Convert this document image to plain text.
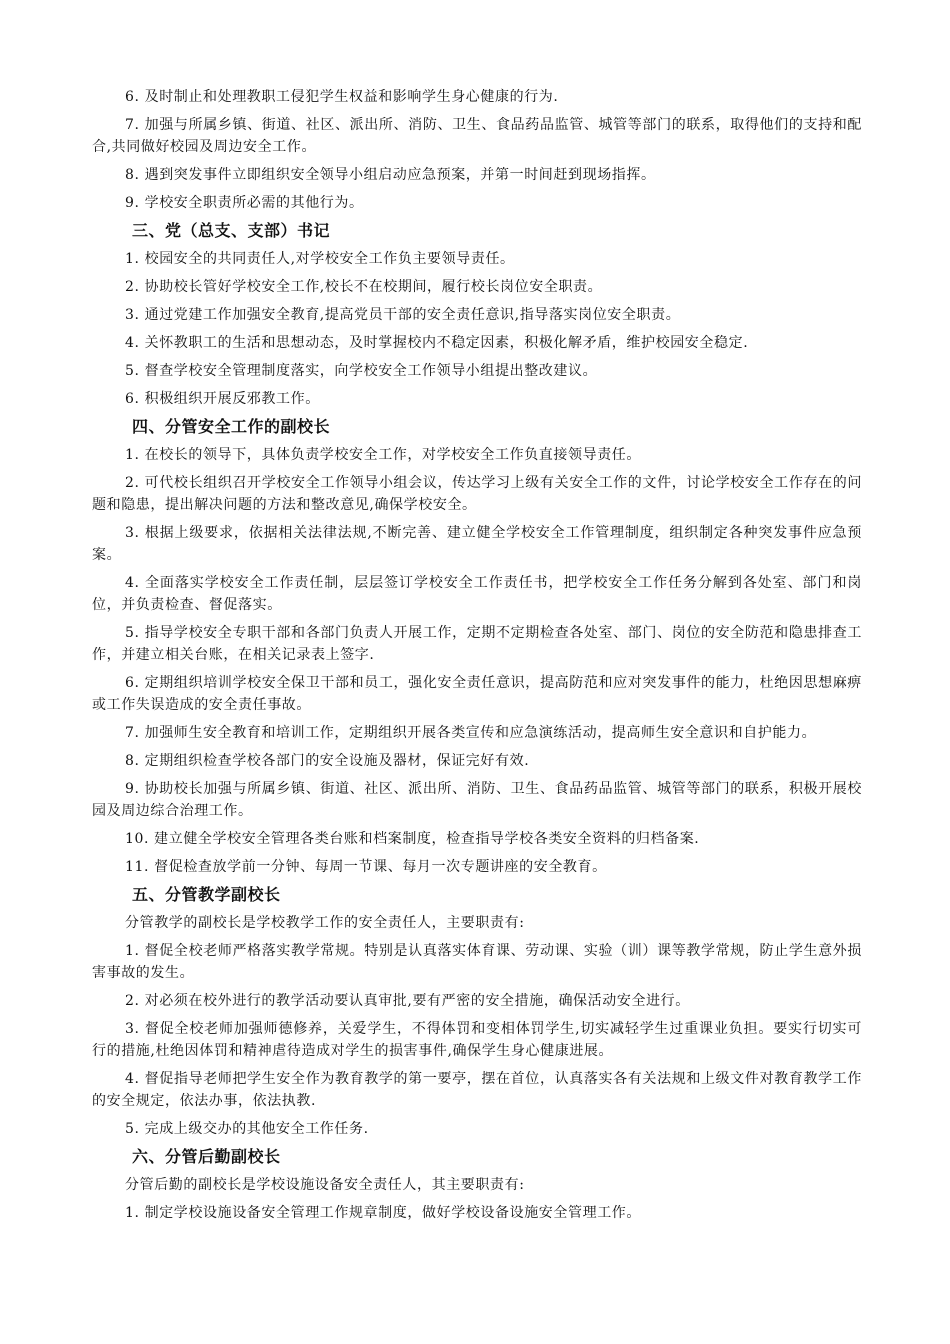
6. 及时制止和处理教职工侵犯学生权益和影响学生身心健康的行为.

7. 加强与所属乡镇、街道、社区、派出所、消防、卫生、食品药品监管、城管等部门的联系，取得他们的支持和配合,共同做好校园及周边安全工作。

8. 遇到突发事件立即组织安全领导小组启动应急预案，并第一时间赶到现场指挥。

9. 学校安全职责所必需的其他行为。

三、党（总支、支部）书记

1. 校园安全的共同责任人,对学校安全工作负主要领导责任。

2. 协助校长管好学校安全工作,校长不在校期间，履行校长岗位安全职责。

3. 通过党建工作加强安全教育,提高党员干部的安全责任意识,指导落实岗位安全职责。

4. 关怀教职工的生活和思想动态，及时掌握校内不稳定因素，积极化解矛盾，维护校园安全稳定.

5. 督查学校安全管理制度落实，向学校安全工作领导小组提出整改建议。

6. 积极组织开展反邪教工作。

四、分管安全工作的副校长

1. 在校长的领导下，具体负责学校安全工作，对学校安全工作负直接领导责任。

2. 可代校长组织召开学校安全工作领导小组会议，传达学习上级有关安全工作的文件，讨论学校安全工作存在的问题和隐患，提出解决问题的方法和整改意见,确保学校安全。

3. 根据上级要求，依据相关法律法规,不断完善、建立健全学校安全工作管理制度，组织制定各种突发事件应急预案。

4. 全面落实学校安全工作责任制，层层签订学校安全工作责任书，把学校安全工作任务分解到各处室、部门和岗位，并负责检查、督促落实。

5. 指导学校安全专职干部和各部门负责人开展工作，定期不定期检查各处室、部门、岗位的安全防范和隐患排查工作，并建立相关台账，在相关记录表上签字.

6. 定期组织培训学校安全保卫干部和员工，强化安全责任意识，提高防范和应对突发事件的能力，杜绝因思想麻痹或工作失误造成的安全责任事故。

7. 加强师生安全教育和培训工作，定期组织开展各类宣传和应急演练活动，提高师生安全意识和自护能力。

8. 定期组织检查学校各部门的安全设施及器材，保证完好有效.

9. 协助校长加强与所属乡镇、街道、社区、派出所、消防、卫生、食品药品监管、城管等部门的联系，积极开展校园及周边综合治理工作。

10. 建立健全学校安全管理各类台账和档案制度，检查指导学校各类安全资料的归档备案.

11. 督促检查放学前一分钟、每周一节课、每月一次专题讲座的安全教育。

五、分管教学副校长

分管教学的副校长是学校教学工作的安全责任人，主要职责有:

1. 督促全校老师严格落实教学常规。特别是认真落实体育课、劳动课、实验（训）课等教学常规，防止学生意外损害事故的发生。

2. 对必须在校外进行的教学活动要认真审批,要有严密的安全措施，确保活动安全进行。

3. 督促全校老师加强师德修养，关爱学生，不得体罚和变相体罚学生,切实减轻学生过重课业负担。要实行切实可行的措施,杜绝因体罚和精神虐待造成对学生的损害事件,确保学生身心健康进展。

4. 督促指导老师把学生安全作为教育教学的第一要亭，摆在首位，认真落实各有关法规和上级文件对教育教学工作的安全规定，依法办事，依法执教.

5. 完成上级交办的其他安全工作任务.

六、分管后勤副校长

分管后勤的副校长是学校设施设备安全责任人，其主要职责有:

1. 制定学校设施设备安全管理工作规章制度，做好学校设备设施安全管理工作。
